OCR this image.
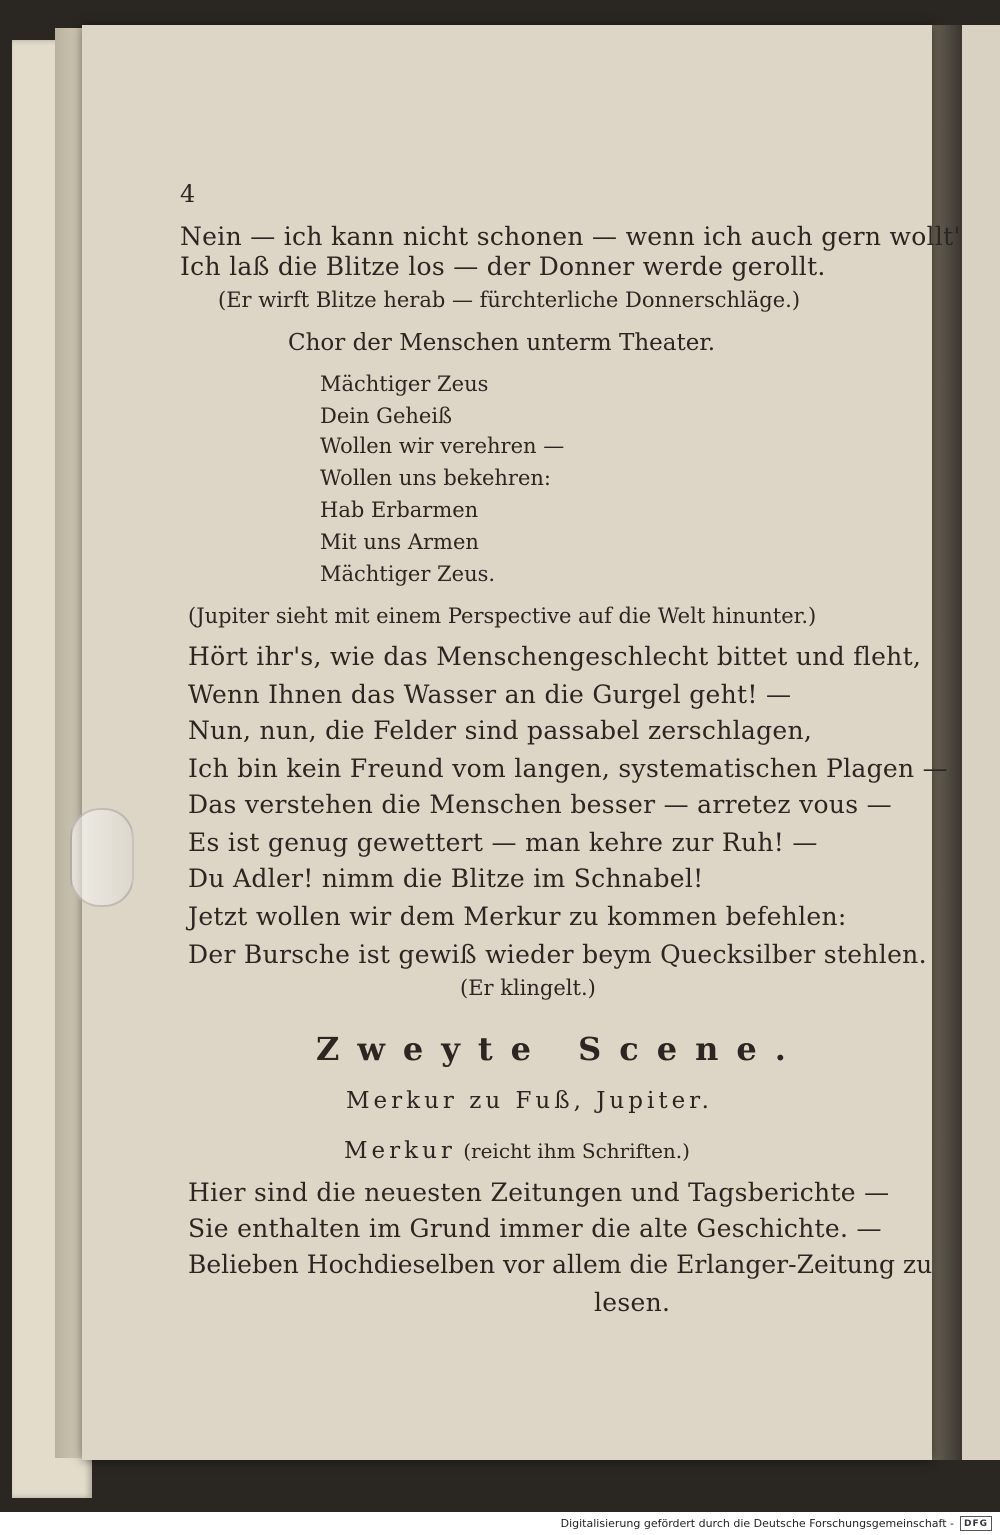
4
Nein — ich kann nicht schonen — wenn ich auch gern wollt'
Ich laß die Blitze los — der Donner werde gerollt.
(Er wirft Blitze herab — fürchterliche Donnerschläge.)
Chor der Menschen unterm Theater.
Mächtiger Zeus
Dein Geheiß
Wollen wir verehren —
Wollen uns bekehren:
Hab Erbarmen
Mit uns Armen
Mächtiger Zeus.
(Jupiter sieht mit einem Perspective auf die Welt hinunter.)
Hört ihr's, wie das Menschengeschlecht bittet und fleht,
Wenn Ihnen das Wasser an die Gurgel geht! —
Nun, nun, die Felder sind passabel zerschlagen,
Ich bin kein Freund vom langen, systematischen Plagen —
Das verstehen die Menschen besser — arretez vous —
Es ist genug gewettert — man kehre zur Ruh! —
Du Adler! nimm die Blitze im Schnabel!
Jetzt wollen wir dem Merkur zu kommen befehlen:
Der Bursche ist gewiß wieder beym Quecksilber stehlen.
(Er klingelt.)
Zweyte Scene.
Merkur zu Fuß, Jupiter.
Merkur (reicht ihm Schriften.)
Hier sind die neuesten Zeitungen und Tagsberichte —
Sie enthalten im Grund immer die alte Geschichte. —
Belieben Hochdieselben vor allem die Erlanger-Zeitung zu
lesen.
Digitalisierung gefördert durch die Deutsche Forschungsgemeinschaft -	DFG
